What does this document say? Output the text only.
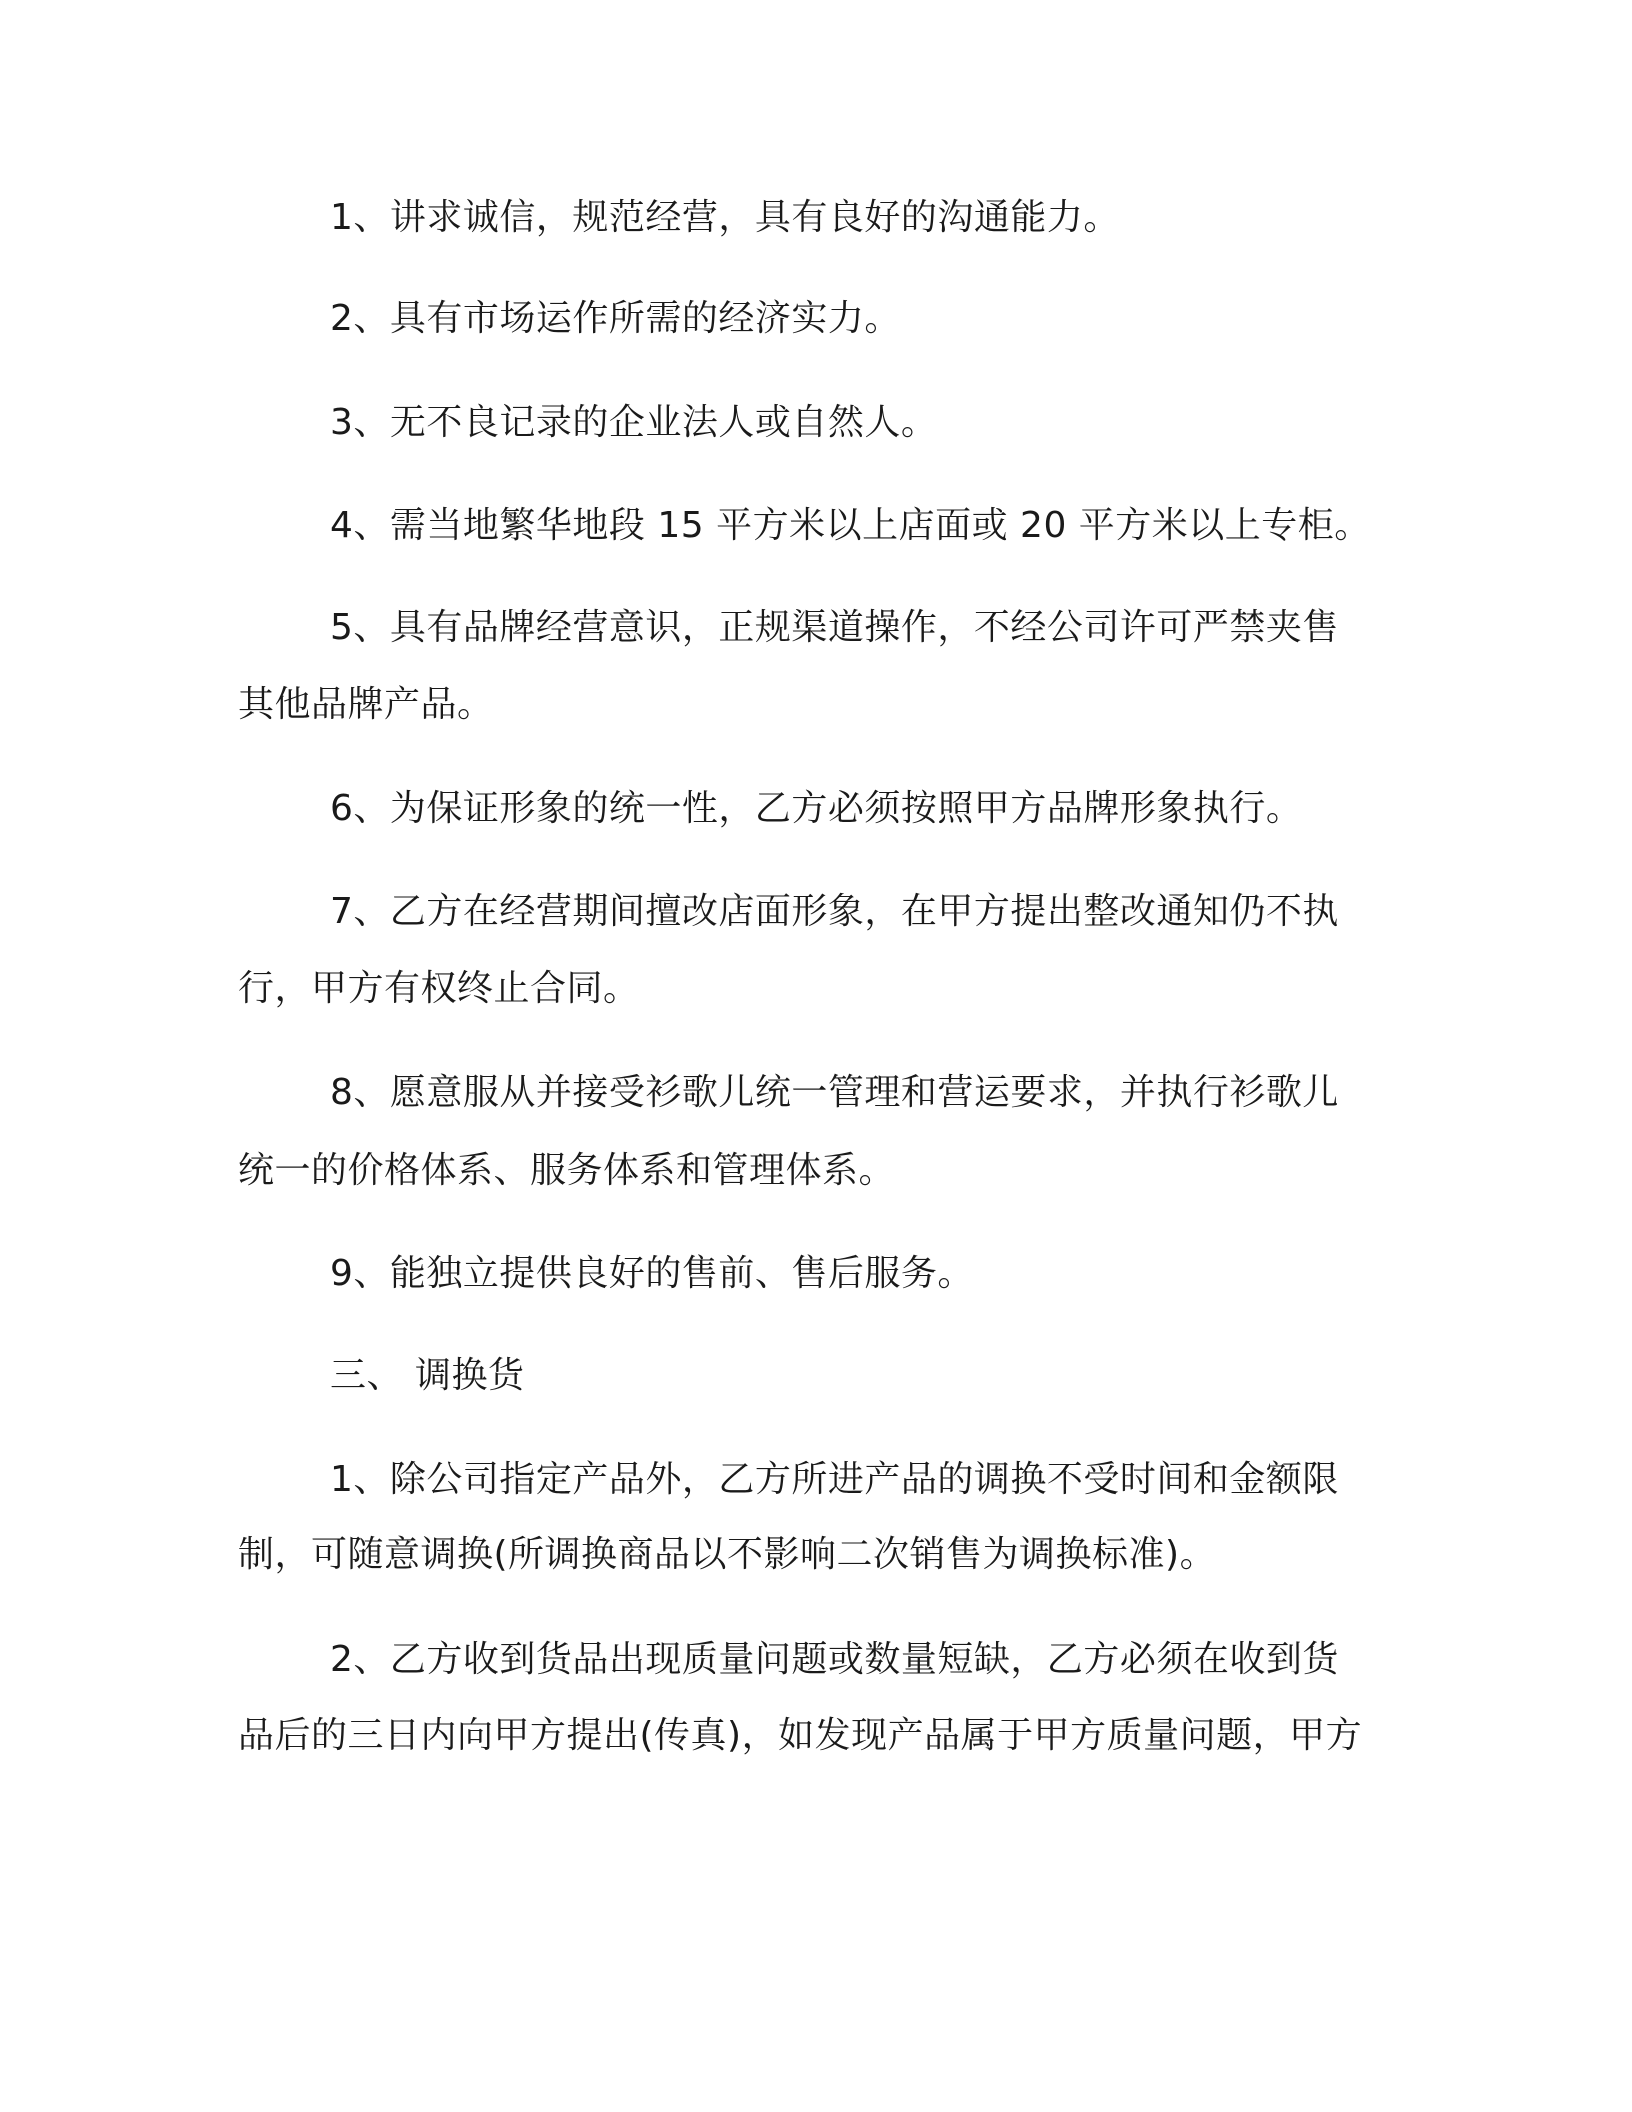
1、讲求诚信，规范经营，具有良好的沟通能力。
2、具有市场运作所需的经济实力。
3、无不良记录的企业法人或自然人。
4、需当地繁华地段 15 平方米以上店面或 20 平方米以上专柜。
5、具有品牌经营意识，正规渠道操作，不经公司许可严禁夹售
其他品牌产品。
6、为保证形象的统一性，乙方必须按照甲方品牌形象执行。
7、乙方在经营期间擅改店面形象，在甲方提出整改通知仍不执
行，甲方有权终止合同。
8、愿意服从并接受衫歌儿统一管理和营运要求，并执行衫歌儿
统一的价格体系、服务体系和管理体系。
9、能独立提供良好的售前、售后服务。
三、 调换货
1、除公司指定产品外，乙方所进产品的调换不受时间和金额限
制，可随意调换(所调换商品以不影响二次销售为调换标准)。
2、乙方收到货品出现质量问题或数量短缺，乙方必须在收到货
品后的三日内向甲方提出(传真)，如发现产品属于甲方质量问题，甲方
